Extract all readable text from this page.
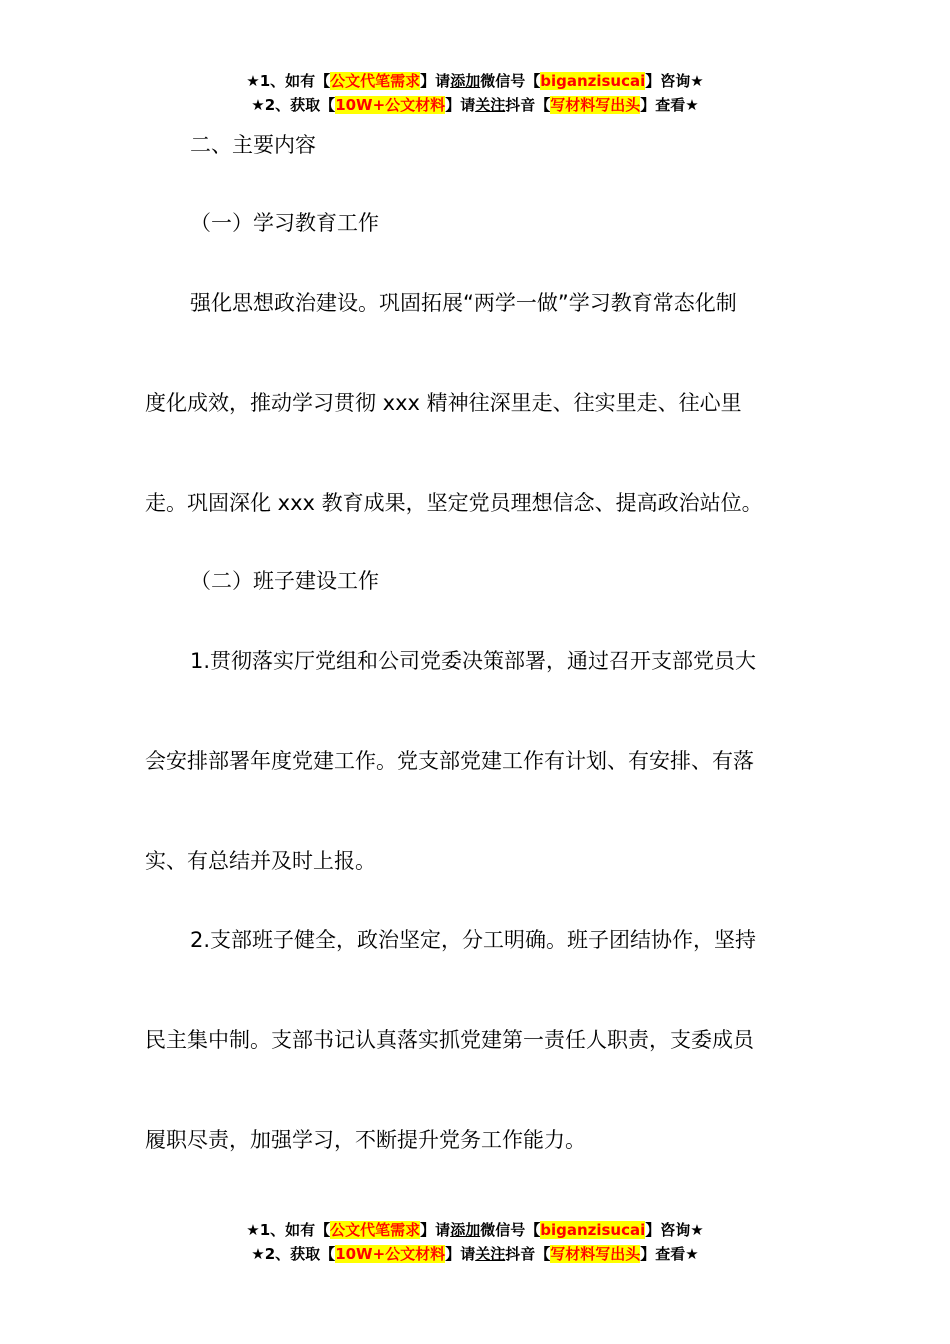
★1、如有【公文代笔需求】请添加微信号【biganzisucai】咨询★
★2、获取【10W+公文材料】请关注抖音【写材料写出头】查看★

二、主要内容

（一）学习教育工作

强化思想政治建设。巩固拓展“两学一做”学习教育常态化制
度化成效，推动学习贯彻 xxx 精神往深里走、往实里走、往心里
走。巩固深化 xxx 教育成果，坚定党员理想信念、提高政治站位。

（二）班子建设工作

1.贯彻落实厅党组和公司党委决策部署，通过召开支部党员大
会安排部署年度党建工作。党支部党建工作有计划、有安排、有落
实、有总结并及时上报。
2.支部班子健全，政治坚定，分工明确。班子团结协作，坚持
民主集中制。支部书记认真落实抓党建第一责任人职责，支委成员
履职尽责，加强学习，不断提升党务工作能力。
★1、如有【公文代笔需求】请添加微信号【biganzisucai】咨询★
★2、获取【10W+公文材料】请关注抖音【写材料写出头】查看★
